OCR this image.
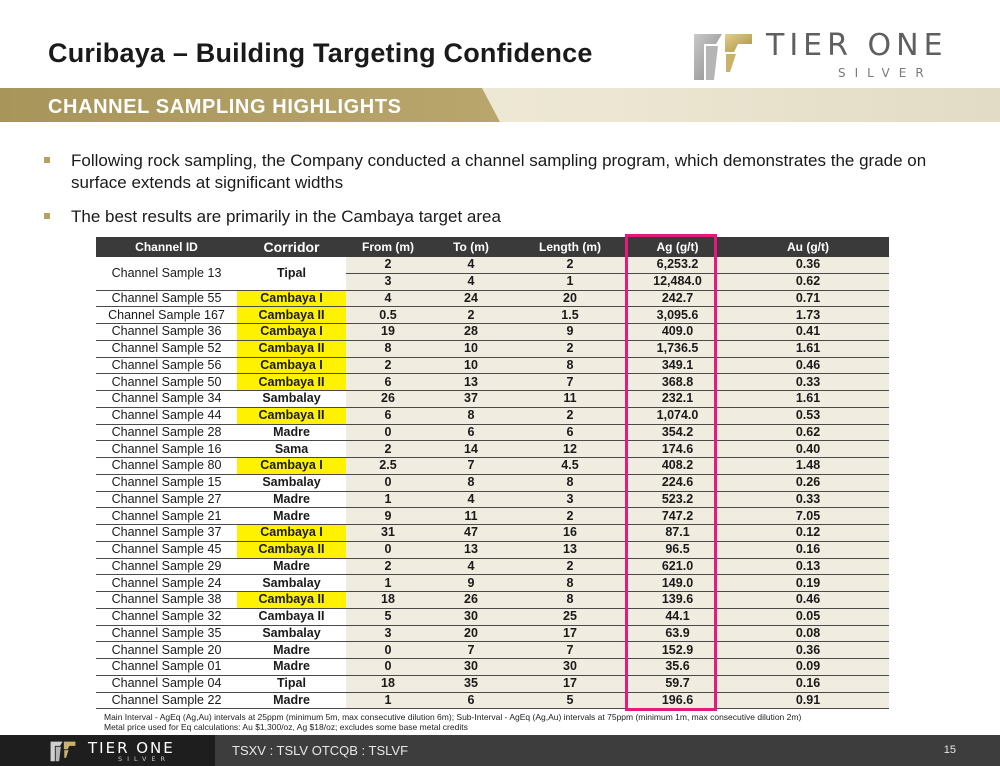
Curibaya – Building Targeting Confidence	TIER ONE
SILVER
CHANNEL SAMPLING HIGHLIGHTS
Following rock sampling, the Company conducted a channel sampling program, which demonstrates the grade on surface extends at significant widths
The best results are primarily in the Cambaya target area
Channel ID	Corridor	From (m)	To (m)	Length (m)	Ag (g/t)	Au (g/t)
Channel Sample 13	Tipal	2	4	2	6,253.2	0.36
		3	4	1	12,484.0	0.62
Channel Sample 55	Cambaya I	4	24	20	242.7	0.71
Channel Sample 167	Cambaya II	0.5	2	1.5	3,095.6	1.73
Channel Sample 36	Cambaya I	19	28	9	409.0	0.41
Channel Sample 52	Cambaya II	8	10	2	1,736.5	1.61
Channel Sample 56	Cambaya I	2	10	8	349.1	0.46
Channel Sample 50	Cambaya II	6	13	7	368.8	0.33
Channel Sample 34	Sambalay	26	37	11	232.1	1.61
Channel Sample 44	Cambaya II	6	8	2	1,074.0	0.53
Channel Sample 28	Madre	0	6	6	354.2	0.62
Channel Sample 16	Sama	2	14	12	174.6	0.40
Channel Sample 80	Cambaya I	2.5	7	4.5	408.2	1.48
Channel Sample 15	Sambalay	0	8	8	224.6	0.26
Channel Sample 27	Madre	1	4	3	523.2	0.33
Channel Sample 21	Madre	9	11	2	747.2	7.05
Channel Sample 37	Cambaya I	31	47	16	87.1	0.12
Channel Sample 45	Cambaya II	0	13	13	96.5	0.16
Channel Sample 29	Madre	2	4	2	621.0	0.13
Channel Sample 24	Sambalay	1	9	8	149.0	0.19
Channel Sample 38	Cambaya II	18	26	8	139.6	0.46
Channel Sample 32	Cambaya II	5	30	25	44.1	0.05
Channel Sample 35	Sambalay	3	20	17	63.9	0.08
Channel Sample 20	Madre	0	7	7	152.9	0.36
Channel Sample 01	Madre	0	30	30	35.6	0.09
Channel Sample 04	Tipal	18	35	17	59.7	0.16
Channel Sample 22	Madre	1	6	5	196.6	0.91
Main Interval - AgEq (Ag,Au) intervals at 25ppm (minimum 5m, max consecutive dilution 6m); Sub-Interval - AgEq (Ag,Au) intervals at 75ppm (minimum 1m, max consecutive dilution 2m)
Metal price used for Eq calculations: Au $1,300/oz, Ag $18/oz; excludes some base metal credits
TIER ONE
SILVER
TSXV : TSLV OTCQB : TSLVF	15
